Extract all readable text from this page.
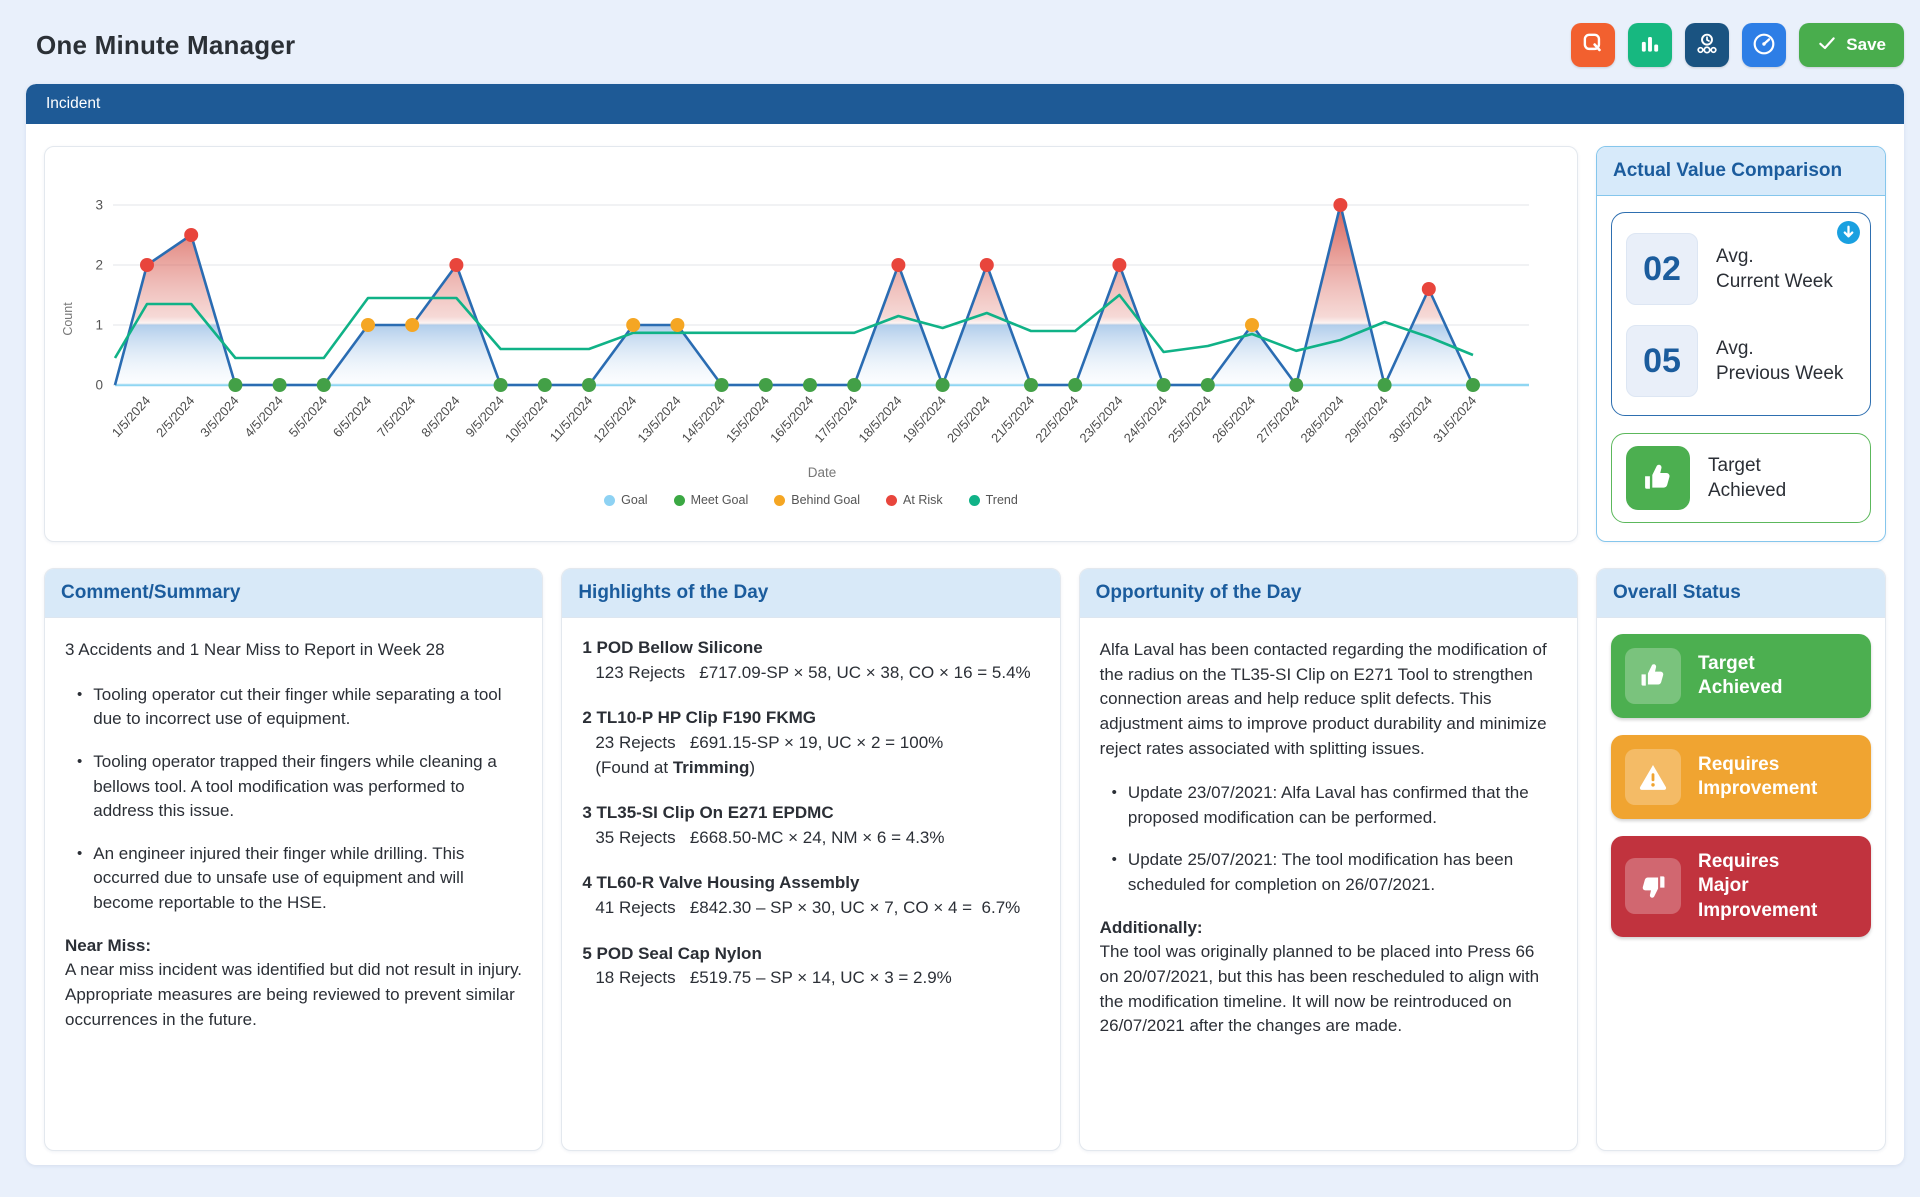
One Minute Manager	Save
Incident
0
1
2
3
Count
1/5/2024 2/5/2024 3/5/2024 4/5/2024 5/5/2024 6/5/2024 7/5/2024 8/5/2024 9/5/2024
10/5/2024
11/5/2024
12/5/2024
13/5/2024
14/5/2024
15/5/2024
16/5/2024
17/5/2024
18/5/2024
19/5/2024
20/5/2024
21/5/2024
22/5/2024
23/5/2024
24/5/2024
25/5/2024
26/5/2024
27/5/2024
28/5/2024
29/5/2024
30/5/2024
31/5/2024
Date
Goal	Meet Goal	Behind Goal	At Risk	Trend
Actual Value Comparison
02	Avg.
Current Week
05	Avg.
Previous Week
Target
Achieved
Comment/Summary
3 Accidents and 1 Near Miss to Report in Week 28
• Tooling operator cut their finger while separating a tool due to incorrect use of equipment.
• Tooling operator trapped their fingers while cleaning a bellows tool. A tool modification was performed to address this issue.
• An engineer injured their finger while drilling. This occurred due to unsafe use of equipment and will become reportable to the HSE.
Near Miss:
A near miss incident was identified but did not result in injury. Appropriate measures are being reviewed to prevent similar occurrences in the future.
Highlights of the Day
1 POD Bellow Silicone
123 Rejects   £717.09-SP × 58, UC × 38, CO × 16 = 5.4%
2 TL10-P HP Clip F190 FKMG
23 Rejects   £691.15-SP × 19, UC × 2 = 100%
(Found at Trimming)
3 TL35-SI Clip On E271 EPDMC
35 Rejects   £668.50-MC × 24, NM × 6 = 4.3%
4 TL60-R Valve Housing Assembly
41 Rejects   £842.30 – SP × 30, UC × 7, CO × 4 =  6.7%
5 POD Seal Cap Nylon
18 Rejects   £519.75 – SP × 14, UC × 3 = 2.9%
Opportunity of the Day
Alfa Laval has been contacted regarding the modification of the radius on the TL35-SI Clip on E271 Tool to strengthen connection areas and help reduce split defects. This adjustment aims to improve product durability and minimize reject rates associated with splitting issues.
• Update 23/07/2021: Alfa Laval has confirmed that the proposed modification can be performed.
• Update 25/07/2021: The tool modification has been scheduled for completion on 26/07/2021.
Additionally:
The tool was originally planned to be placed into Press 66 on 20/07/2021, but this has been rescheduled to align with the modification timeline. It will now be reintroduced on 26/07/2021 after the changes are made.
Overall Status
Target
Achieved
Requires
Improvement
Requires
Major
Improvement
